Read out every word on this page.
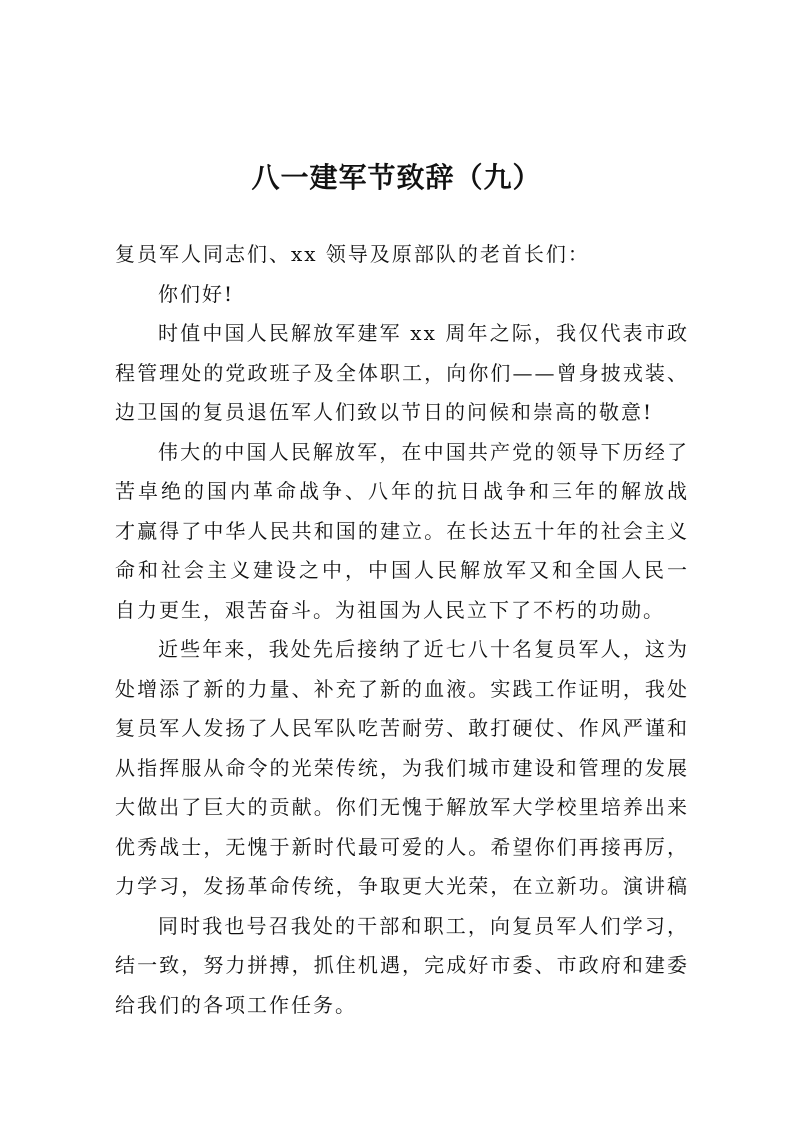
八一建军节致辞（九）
复员军人同志们、xx 领导及原部队的老首长们：
你们好!
时值中国人民解放军建军 xx 周年之际，我仅代表市政
程管理处的党政班子及全体职工，向你们——曾身披戎装、
边卫国的复员退伍军人们致以节日的问候和崇高的敬意!
伟大的中国人民解放军，在中国共产党的领导下历经了
苦卓绝的国内革命战争、八年的抗日战争和三年的解放战
才赢得了中华人民共和国的建立。在长达五十年的社会主义
命和社会主义建设之中，中国人民解放军又和全国人民一
自力更生，艰苦奋斗。为祖国为人民立下了不朽的功勋。
近些年来，我处先后接纳了近七八十名复员军人，这为
处增添了新的力量、补充了新的血液。实践工作证明，我处
复员军人发扬了人民军队吃苦耐劳、敢打硬仗、作风严谨和
从指挥服从命令的光荣传统，为我们城市建设和管理的发展
大做出了巨大的贡献。你们无愧于解放军大学校里培养出来
优秀战士，无愧于新时代最可爱的人。希望你们再接再厉，
力学习，发扬革命传统，争取更大光荣，在立新功。演讲稿
同时我也号召我处的干部和职工，向复员军人们学习，
结一致，努力拼搏，抓住机遇，完成好市委、市政府和建委
给我们的各项工作任务。
